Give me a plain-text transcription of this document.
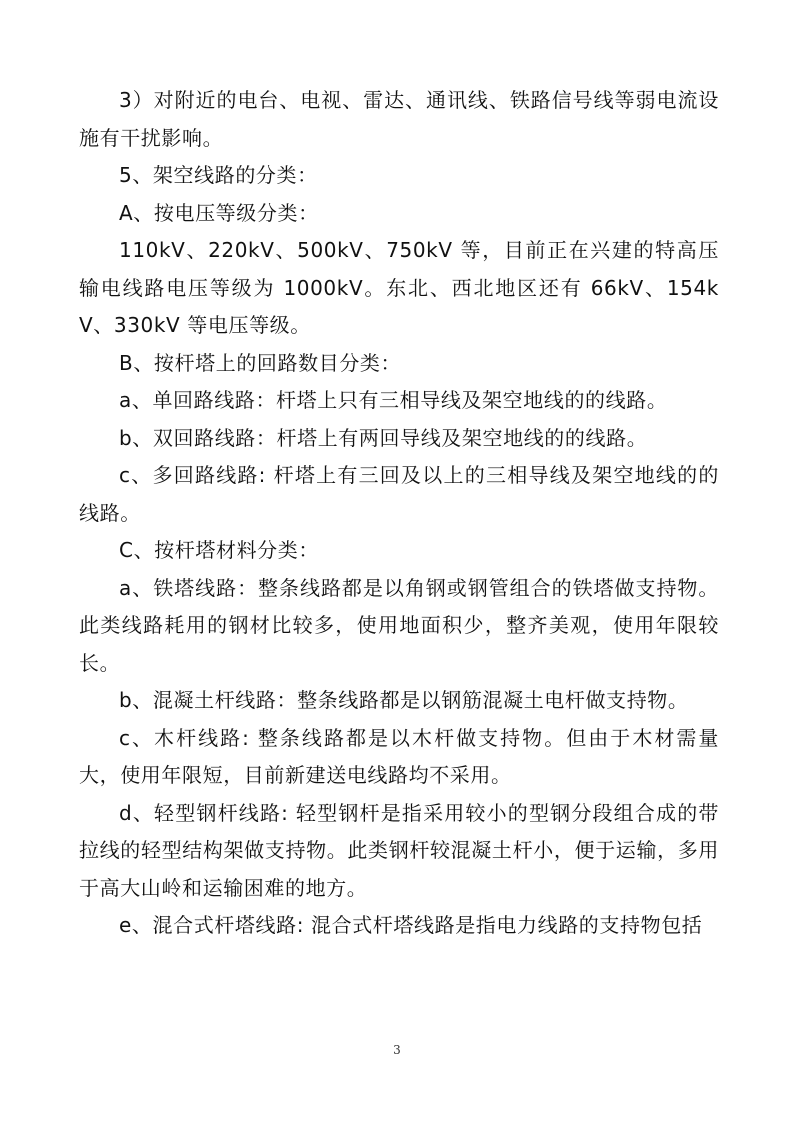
3）对附近的电台、电视、雷达、通讯线、铁路信号线等弱电流设施有干扰影响。

5、架空线路的分类：

A、按电压等级分类：

110kV、220kV、500kV、750kV 等，目前正在兴建的特高压输电线路电压等级为 1000kV。东北、西北地区还有 66kV、154kV、330kV 等电压等级。

B、按杆塔上的回路数目分类：

a、单回路线路：杆塔上只有三相导线及架空地线的的线路。

b、双回路线路：杆塔上有两回导线及架空地线的的线路。

c、多回路线路: 杆塔上有三回及以上的三相导线及架空地线的的线路。

C、按杆塔材料分类：

a、铁塔线路：整条线路都是以角钢或钢管组合的铁塔做支持物。此类线路耗用的钢材比较多，使用地面积少，整齐美观，使用年限较长。

b、混凝土杆线路：整条线路都是以钢筋混凝土电杆做支持物。

c、木杆线路: 整条线路都是以木杆做支持物。但由于木材需量大，使用年限短，目前新建送电线路均不采用。

d、轻型钢杆线路: 轻型钢杆是指采用较小的型钢分段组合成的带拉线的轻型结构架做支持物。此类钢杆较混凝土杆小，便于运输，多用于高大山岭和运输困难的地方。

e、混合式杆塔线路: 混合式杆塔线路是指电力线路的支持物包括

3
